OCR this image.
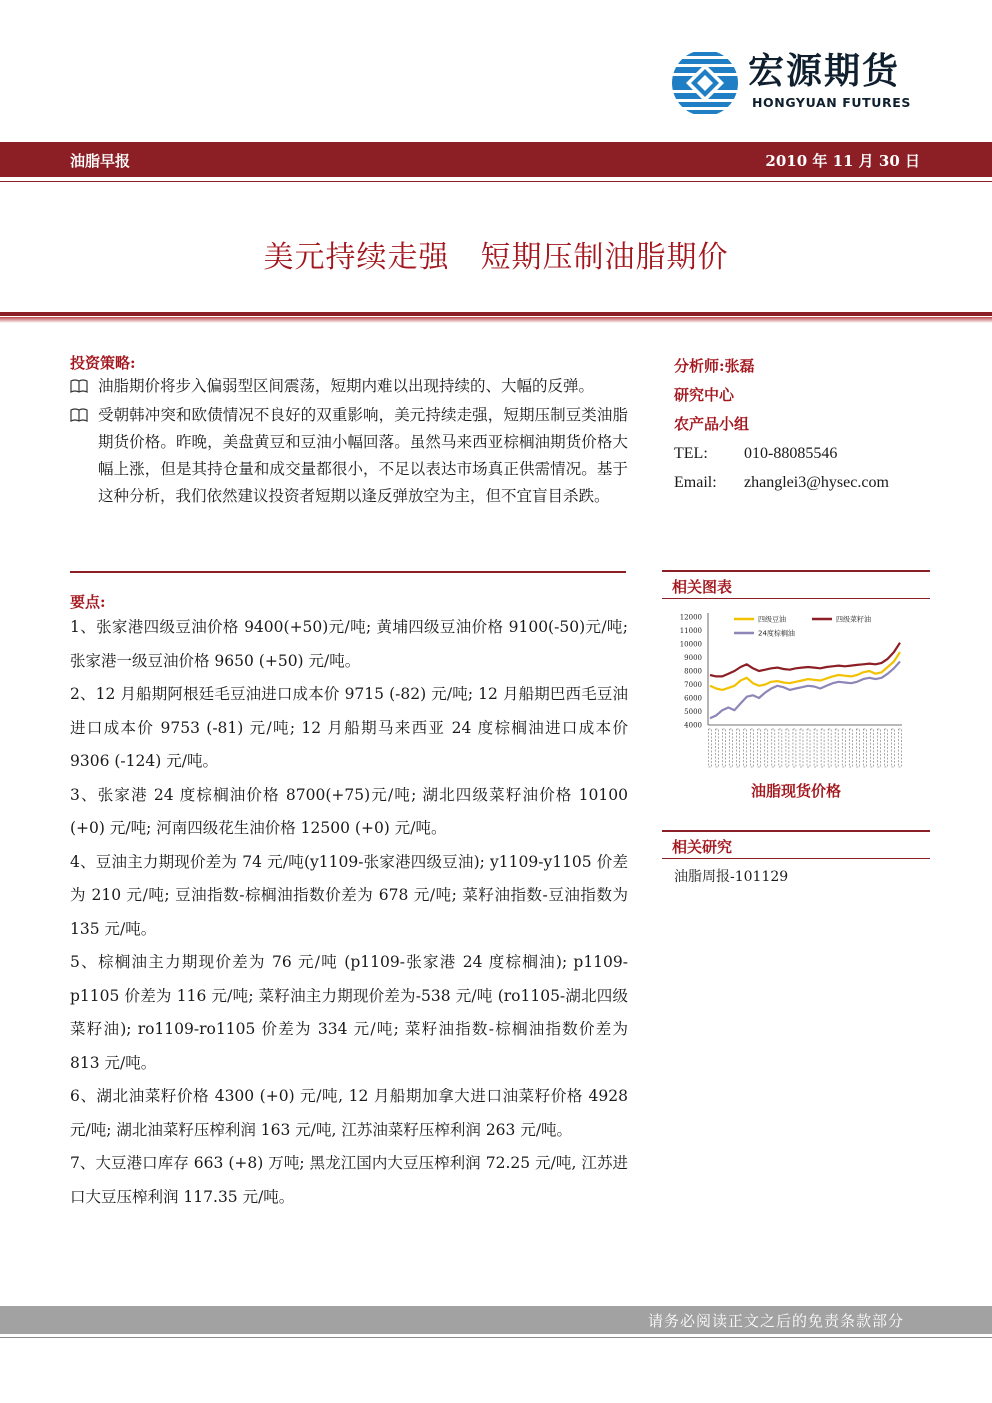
宏源期货
HONGYUAN FUTURES
油脂早报	2010 年 11 月 30 日
美元持续走强　短期压制油脂期价
投资策略:
油脂期价将步入偏弱型区间震荡，短期内难以出现持续的、大幅的反弹。
受朝韩冲突和欧债情况不良好的双重影响，美元持续走强，短期压制豆类油脂期货价格。昨晚，美盘黄豆和豆油小幅回落。虽然马来西亚棕榈油期货价格大幅上涨，但是其持仓量和成交量都很小，不足以表达市场真正供需情况。基于这种分析，我们依然建议投资者短期以逢反弹放空为主，但不宜盲目杀跌。
要点:
1、张家港四级豆油价格 9400(+50)元/吨; 黄埔四级豆油价格 9100(-50)元/吨; 张家港一级豆油价格 9650 (+50) 元/吨。
2、12 月船期阿根廷毛豆油进口成本价 9715 (-82) 元/吨; 12 月船期巴西毛豆油进口成本价 9753 (-81) 元/吨; 12 月船期马来西亚 24 度棕榈油进口成本价 9306 (-124) 元/吨。
3、张家港 24 度棕榈油价格 8700(+75)元/吨; 湖北四级菜籽油价格 10100 (+0) 元/吨; 河南四级花生油价格 12500 (+0) 元/吨。
4、豆油主力期现价差为 74 元/吨(y1109-张家港四级豆油); y1109-y1105 价差为 210 元/吨; 豆油指数-棕榈油指数价差为 678 元/吨; 菜籽油指数-豆油指数为 135 元/吨。
5、棕榈油主力期现价差为 76 元/吨 (p1109-张家港 24 度棕榈油); p1109-p1105 价差为 116 元/吨; 菜籽油主力期现价差为-538 元/吨 (ro1105-湖北四级菜籽油); ro1109-ro1105 价差为 334 元/吨; 菜籽油指数-棕榈油指数价差为 813 元/吨。
6、湖北油菜籽价格 4300 (+0) 元/吨, 12 月船期加拿大进口油菜籽价格 4928 元/吨; 湖北油菜籽压榨利润 163 元/吨, 江苏油菜籽压榨利润 263 元/吨。
7、大豆港口库存 663 (+8) 万吨; 黑龙江国内大豆压榨利润 72.25 元/吨, 江苏进口大豆压榨利润 117.35 元/吨。
分析师:张磊
研究中心
农产品小组
TEL: 010-88085546
Email: zhanglei3@hysec.com
相关图表
12000
11000
10000
9000
8000
7000
6000
5000
4000
四级豆油	四级菜籽油
24度棕榈油
油脂现货价格
相关研究
油脂周报-101129
请务必阅读正文之后的免责条款部分
